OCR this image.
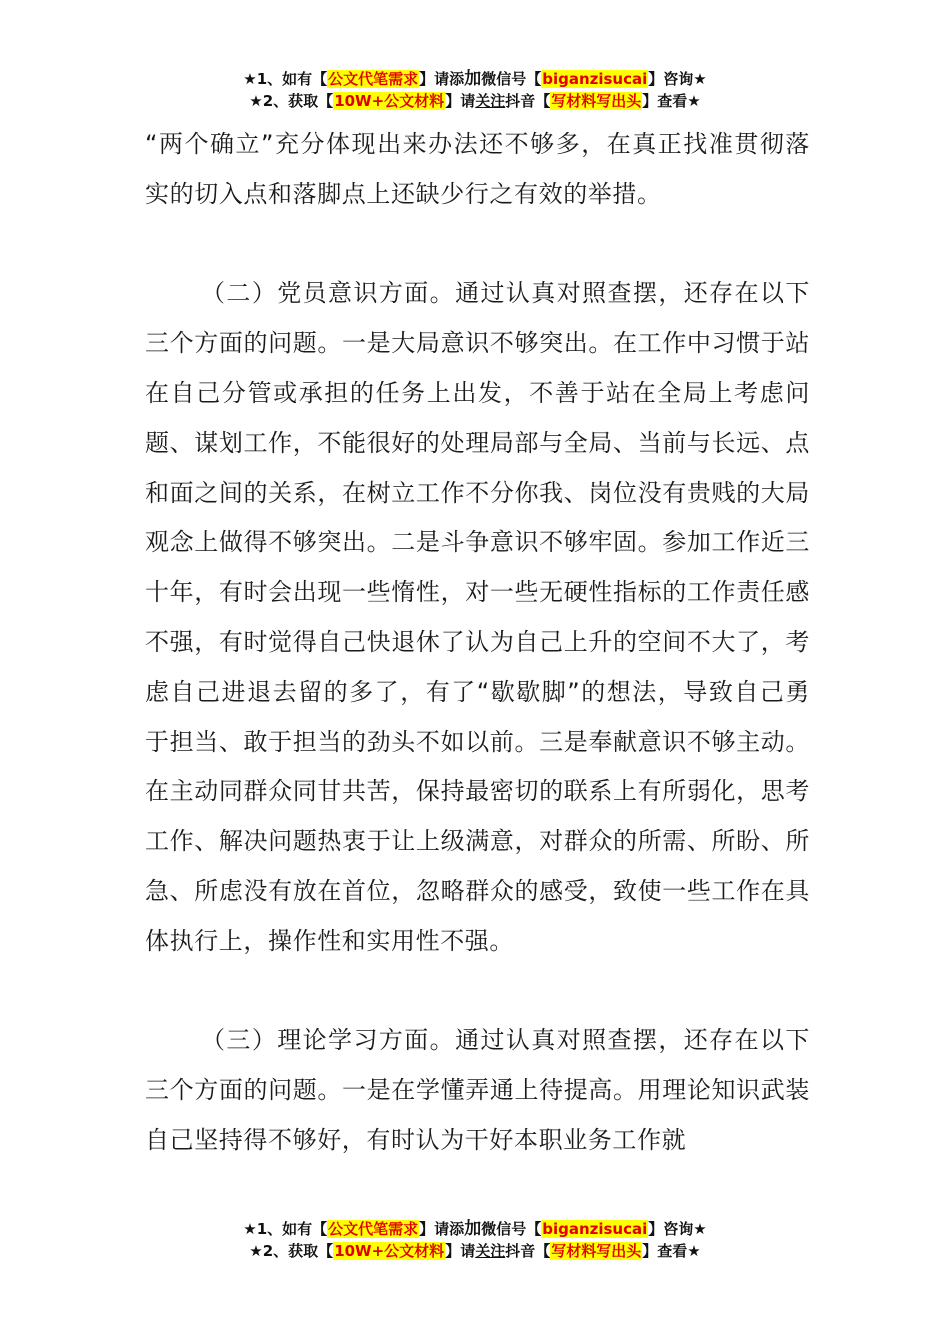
★1、如有【公文代笔需求】请添加微信号【biganzisucai】咨询★
★2、获取【10W+公文材料】请关注抖音【写材料写出头】查看★

“两个确立”充分体现出来办法还不够多，在真正找准贯彻落实的切入点和落脚点上还缺少行之有效的举措。

（二）党员意识方面。通过认真对照查摆，还存在以下三个方面的问题。一是大局意识不够突出。在工作中习惯于站在自己分管或承担的任务上出发，不善于站在全局上考虑问题、谋划工作，不能很好的处理局部与全局、当前与长远、点和面之间的关系，在树立工作不分你我、岗位没有贵贱的大局观念上做得不够突出。二是斗争意识不够牢固。参加工作近三十年，有时会出现一些惰性，对一些无硬性指标的工作责任感不强，有时觉得自己快退休了认为自己上升的空间不大了，考虑自己进退去留的多了，有了“歇歇脚”的想法，导致自己勇于担当、敢于担当的劲头不如以前。三是奉献意识不够主动。在主动同群众同甘共苦，保持最密切的联系上有所弱化，思考工作、解决问题热衷于让上级满意，对群众的所需、所盼、所急、所虑没有放在首位，忽略群众的感受，致使一些工作在具体执行上，操作性和实用性不强。

（三）理论学习方面。通过认真对照查摆，还存在以下三个方面的问题。一是在学懂弄通上待提高。用理论知识武装自己坚持得不够好，有时认为干好本职业务工作就

★1、如有【公文代笔需求】请添加微信号【biganzisucai】咨询★
★2、获取【10W+公文材料】请关注抖音【写材料写出头】查看★
